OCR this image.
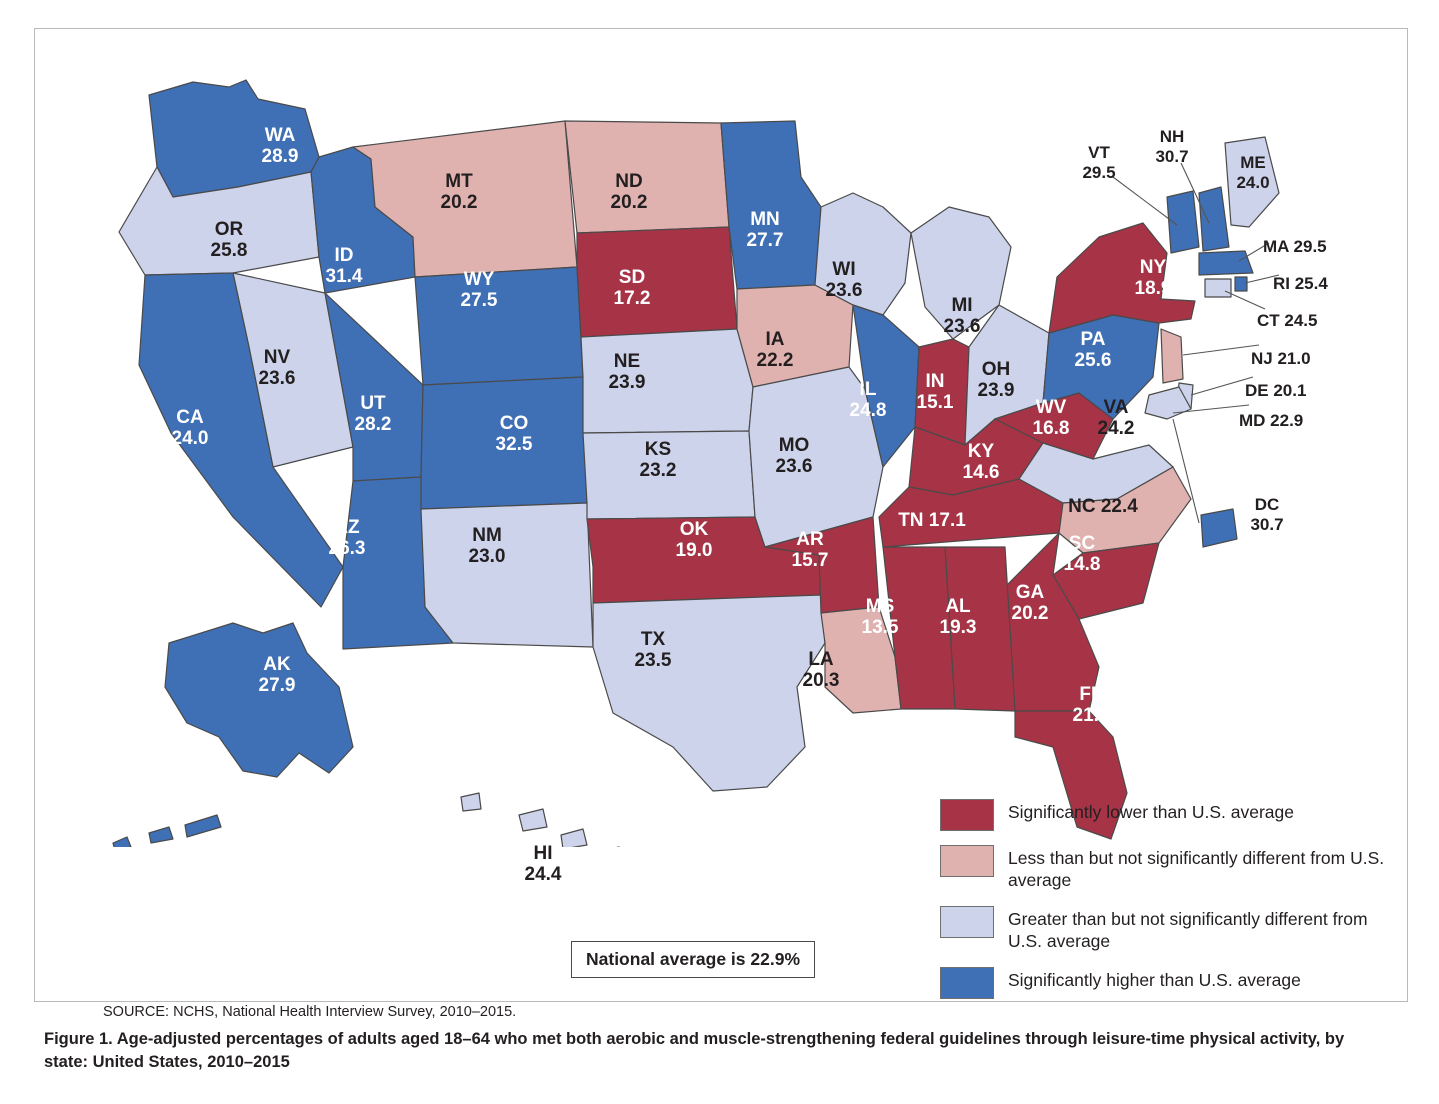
WA
28.9
OR
25.8	ID
31.4
MT
20.2
ND
20.2
MN
27.7
WI
23.6
MI
23.6
SD
17.2
WY
27.5
NV
23.6
UT
28.2	CO
32.5
NE
23.9
IA
22.2
IL
24.8
IN
15.1
OH
23.9
CA
24.0
KS
23.2
MO
23.6
KY
14.6
WV
16.8
VA
24.2
AZ
26.3
NM
23.0
OK
19.0
AR
15.7
TN 17.1
NC 22.4
SC
14.8
MS
13.5
AL
19.3
GA
20.2
LA
20.3
TX
23.5
FL
21.1
AK
27.9
HI
24.4
NY
18.9
PA
25.6
VT
29.5
NH
30.7	ME
24.0
MA 29.5
RI 25.4
CT 24.5
NJ 21.0
DE 20.1
MD 22.9
DC
30.7
National average is 22.9%
Significantly lower than U.S. average
Less than but not significantly different from U.S. average
Greater than but not significantly different from U.S. average
Significantly higher than U.S. average
SOURCE: NCHS, National Health Interview Survey, 2010–2015.
Figure 1. Age-adjusted percentages of adults aged 18–64 who met both aerobic and muscle-strengthening federal guidelines through leisure-time physical activity, by state: United States, 2010–2015
